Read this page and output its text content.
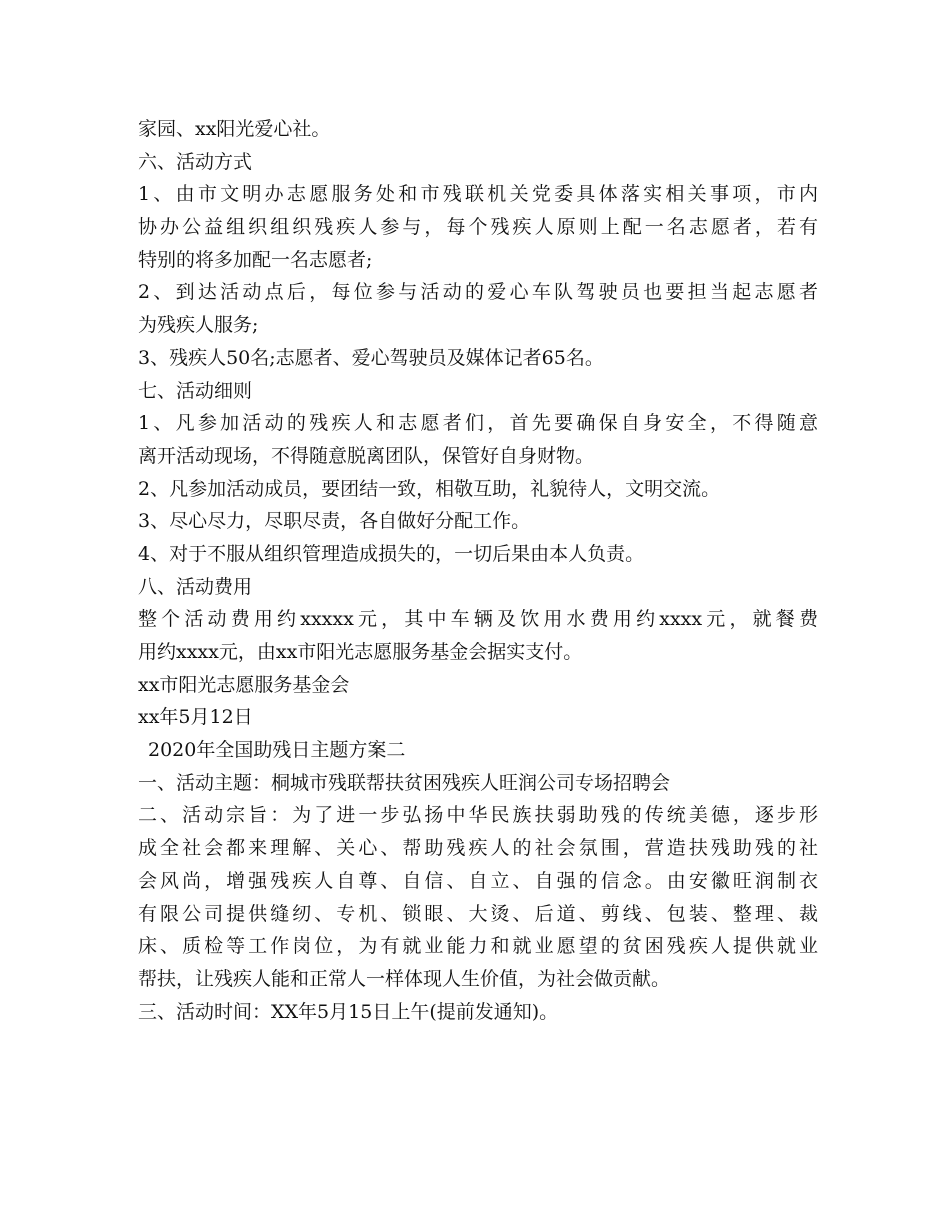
家园、xx阳光爱心社。
六、活动方式
1、由市文明办志愿服务处和市残联机关党委具体落实相关事项，市内
协办公益组织组织残疾人参与，每个残疾人原则上配一名志愿者，若有
特别的将多加配一名志愿者;
2、到达活动点后，每位参与活动的爱心车队驾驶员也要担当起志愿者
为残疾人服务;
3、残疾人50名;志愿者、爱心驾驶员及媒体记者65名。
七、活动细则
1、凡参加活动的残疾人和志愿者们，首先要确保自身安全，不得随意
离开活动现场，不得随意脱离团队，保管好自身财物。
2、凡参加活动成员，要团结一致，相敬互助，礼貌待人，文明交流。
3、尽心尽力，尽职尽责，各自做好分配工作。
4、对于不服从组织管理造成损失的，一切后果由本人负责。
八、活动费用
整个活动费用约xxxxx元，其中车辆及饮用水费用约xxxx元，就餐费
用约xxxx元，由xx市阳光志愿服务基金会据实支付。
xx市阳光志愿服务基金会
xx年5月12日
2020年全国助残日主题方案二
一、活动主题：桐城市残联帮扶贫困残疾人旺润公司专场招聘会
二、活动宗旨：为了进一步弘扬中华民族扶弱助残的传统美德，逐步形
成全社会都来理解、关心、帮助残疾人的社会氛围，营造扶残助残的社
会风尚，增强残疾人自尊、自信、自立、自强的信念。由安徽旺润制衣
有限公司提供缝纫、专机、锁眼、大烫、后道、剪线、包装、整理、裁
床、质检等工作岗位，为有就业能力和就业愿望的贫困残疾人提供就业
帮扶，让残疾人能和正常人一样体现人生价值，为社会做贡献。
三、活动时间：XX年5月15日上午(提前发通知)。
